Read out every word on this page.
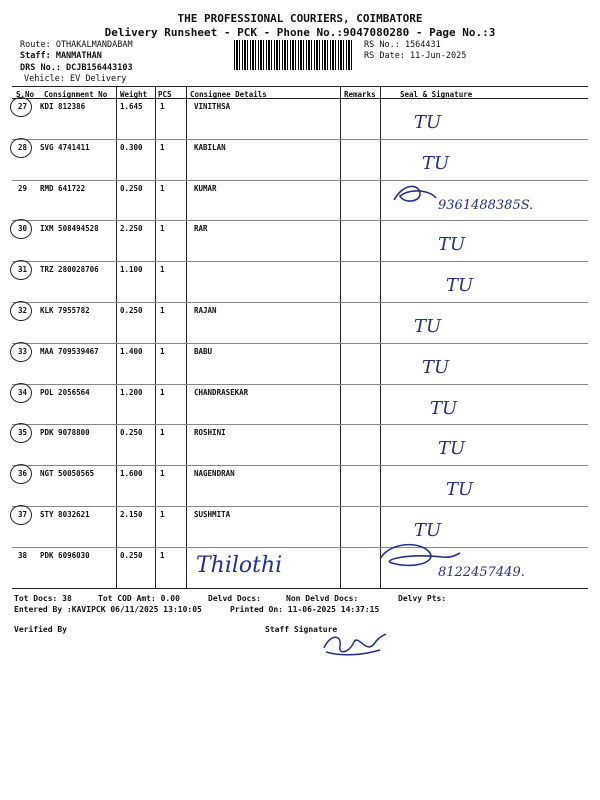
THE PROFESSIONAL COURIERS, COIMBATORE
Delivery Runsheet - PCK - Phone No.:9047080280 - Page No.:3
Route: OTHAKALMANDABAM
Staff: MANMATHAN
DRS No.: DCJB156443103
Vehicle: EV Delivery
RS No.: 1564431
RS Date: 11-Jun-2025
S.No Consignment No Weight PCS Consignee Details	Remarks	Seal & Signature
27 KDI 812386	1.645 1	VINITHSA
TU
28 SVG 4741411	0.300 1	KABILAN
TU
29 RMD 641722	0.250 1	KUMAR
9361488385S.
30 IXM 508494528	2.250 1	RAR
TU
31 TRZ 280028706	1.100 1
TU
32 KLK 7955782	0.250 1	RAJAN
TU
33 MAA 709539467	1.400 1	BABU
TU
34 POL 2056564	1.200 1	CHANDRASEKAR
TU
35 PDK 9078800	0.250 1	ROSHINI
TU
36 NGT 50050565	1.600 1	NAGENDRAN
TU
37 STY 8032621	2.150 1	SUSHMITA
TU
38 PDK 6096030	0.250 1
8122457449.
Thilothi
Tot Docs: 38	Tot COD Amt: 0.00	Delvd Docs:	Non Delvd Docs:	Delvy Pts:
Entered By :KAVIPCK 06/11/2025 13:10:05	Printed On: 11-06-2025 14:37:15
Verified By	Staff Signature
